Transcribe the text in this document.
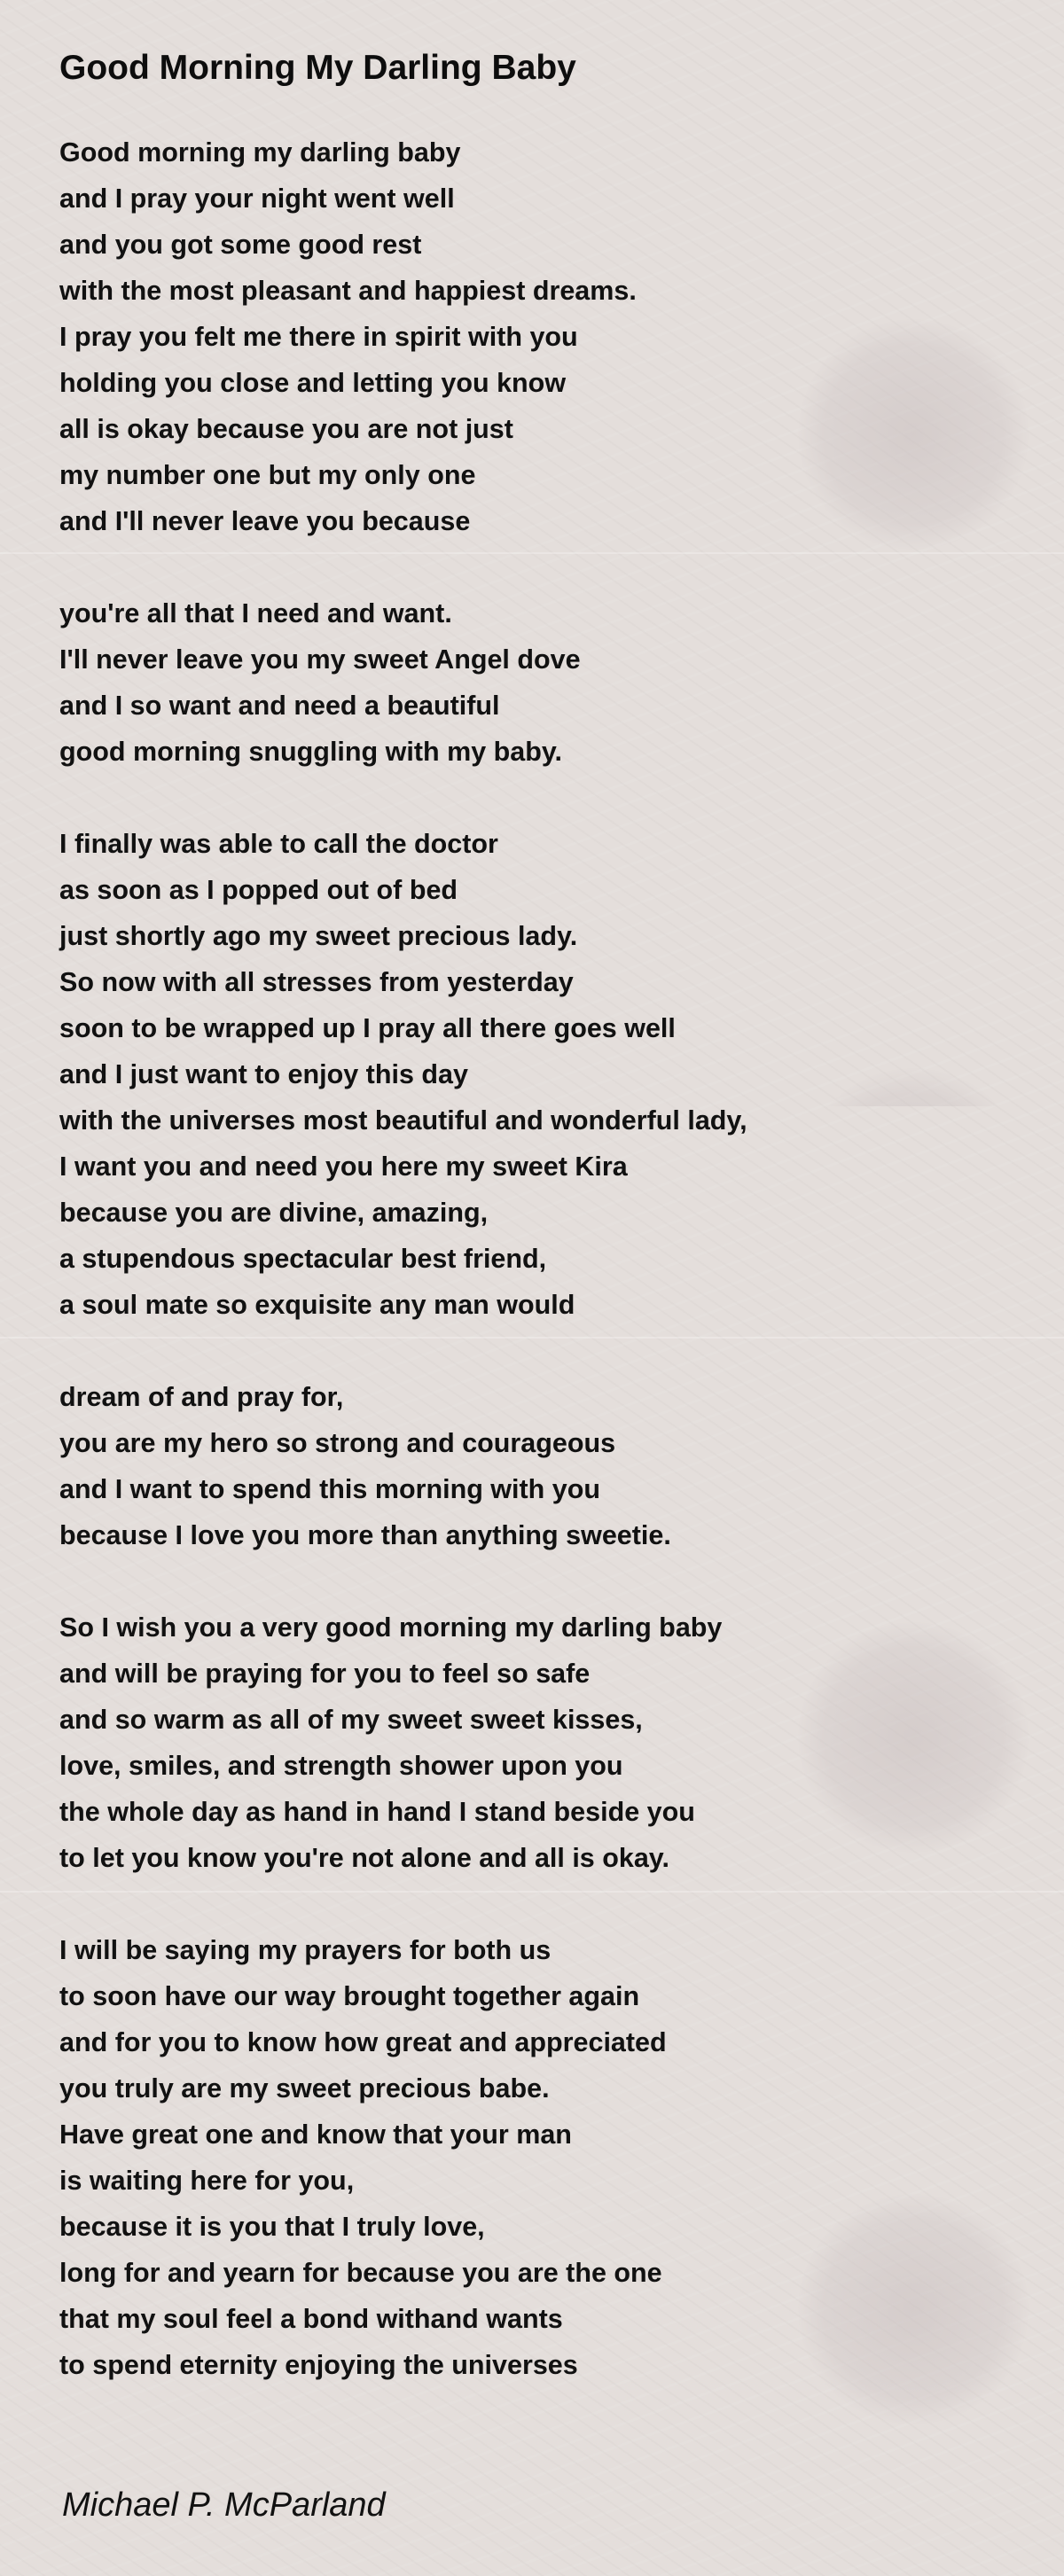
Good Morning My Darling Baby
Good morning my darling baby
and I pray your night went well
and you got some good rest
with the most pleasant and happiest dreams.
I pray you felt me there in spirit with you
holding you close and letting you know
all is okay because you are not just
my number one but my only one
and I'll never leave you because
you're all that I need and want.
I'll never leave you my sweet Angel dove
and I so want and need a beautiful
good morning snuggling with my baby.
I finally was able to call the doctor
as soon as I popped out of bed
just shortly ago my sweet precious lady.
So now with all stresses from yesterday
soon to be wrapped up I pray all there goes well
and I just want to enjoy this day
with the universes most beautiful and wonderful lady,
I want you and need you here my sweet Kira
because you are divine, amazing,
a stupendous spectacular best friend,
a soul mate so exquisite any man would
dream of and pray for,
you are my hero so strong and courageous
and I want to spend this morning with you
because I love you more than anything sweetie.
So I wish you a very good morning my darling baby
and will be praying for you to feel so safe
and so warm as all of my sweet sweet kisses,
love, smiles, and strength shower upon you
the whole day as hand in hand I stand beside you
to let you know you're not alone and all is okay.
I will be saying my prayers for both us
to soon have our way brought together again
and for you to know how great and appreciated
you truly are my sweet precious babe.
Have great one and know that your man
is waiting here for you,
because it is you that I truly love,
long for and yearn for because you are the one
that my soul feel a bond withand wants
to spend eternity enjoying the universes
Michael P. McParland
